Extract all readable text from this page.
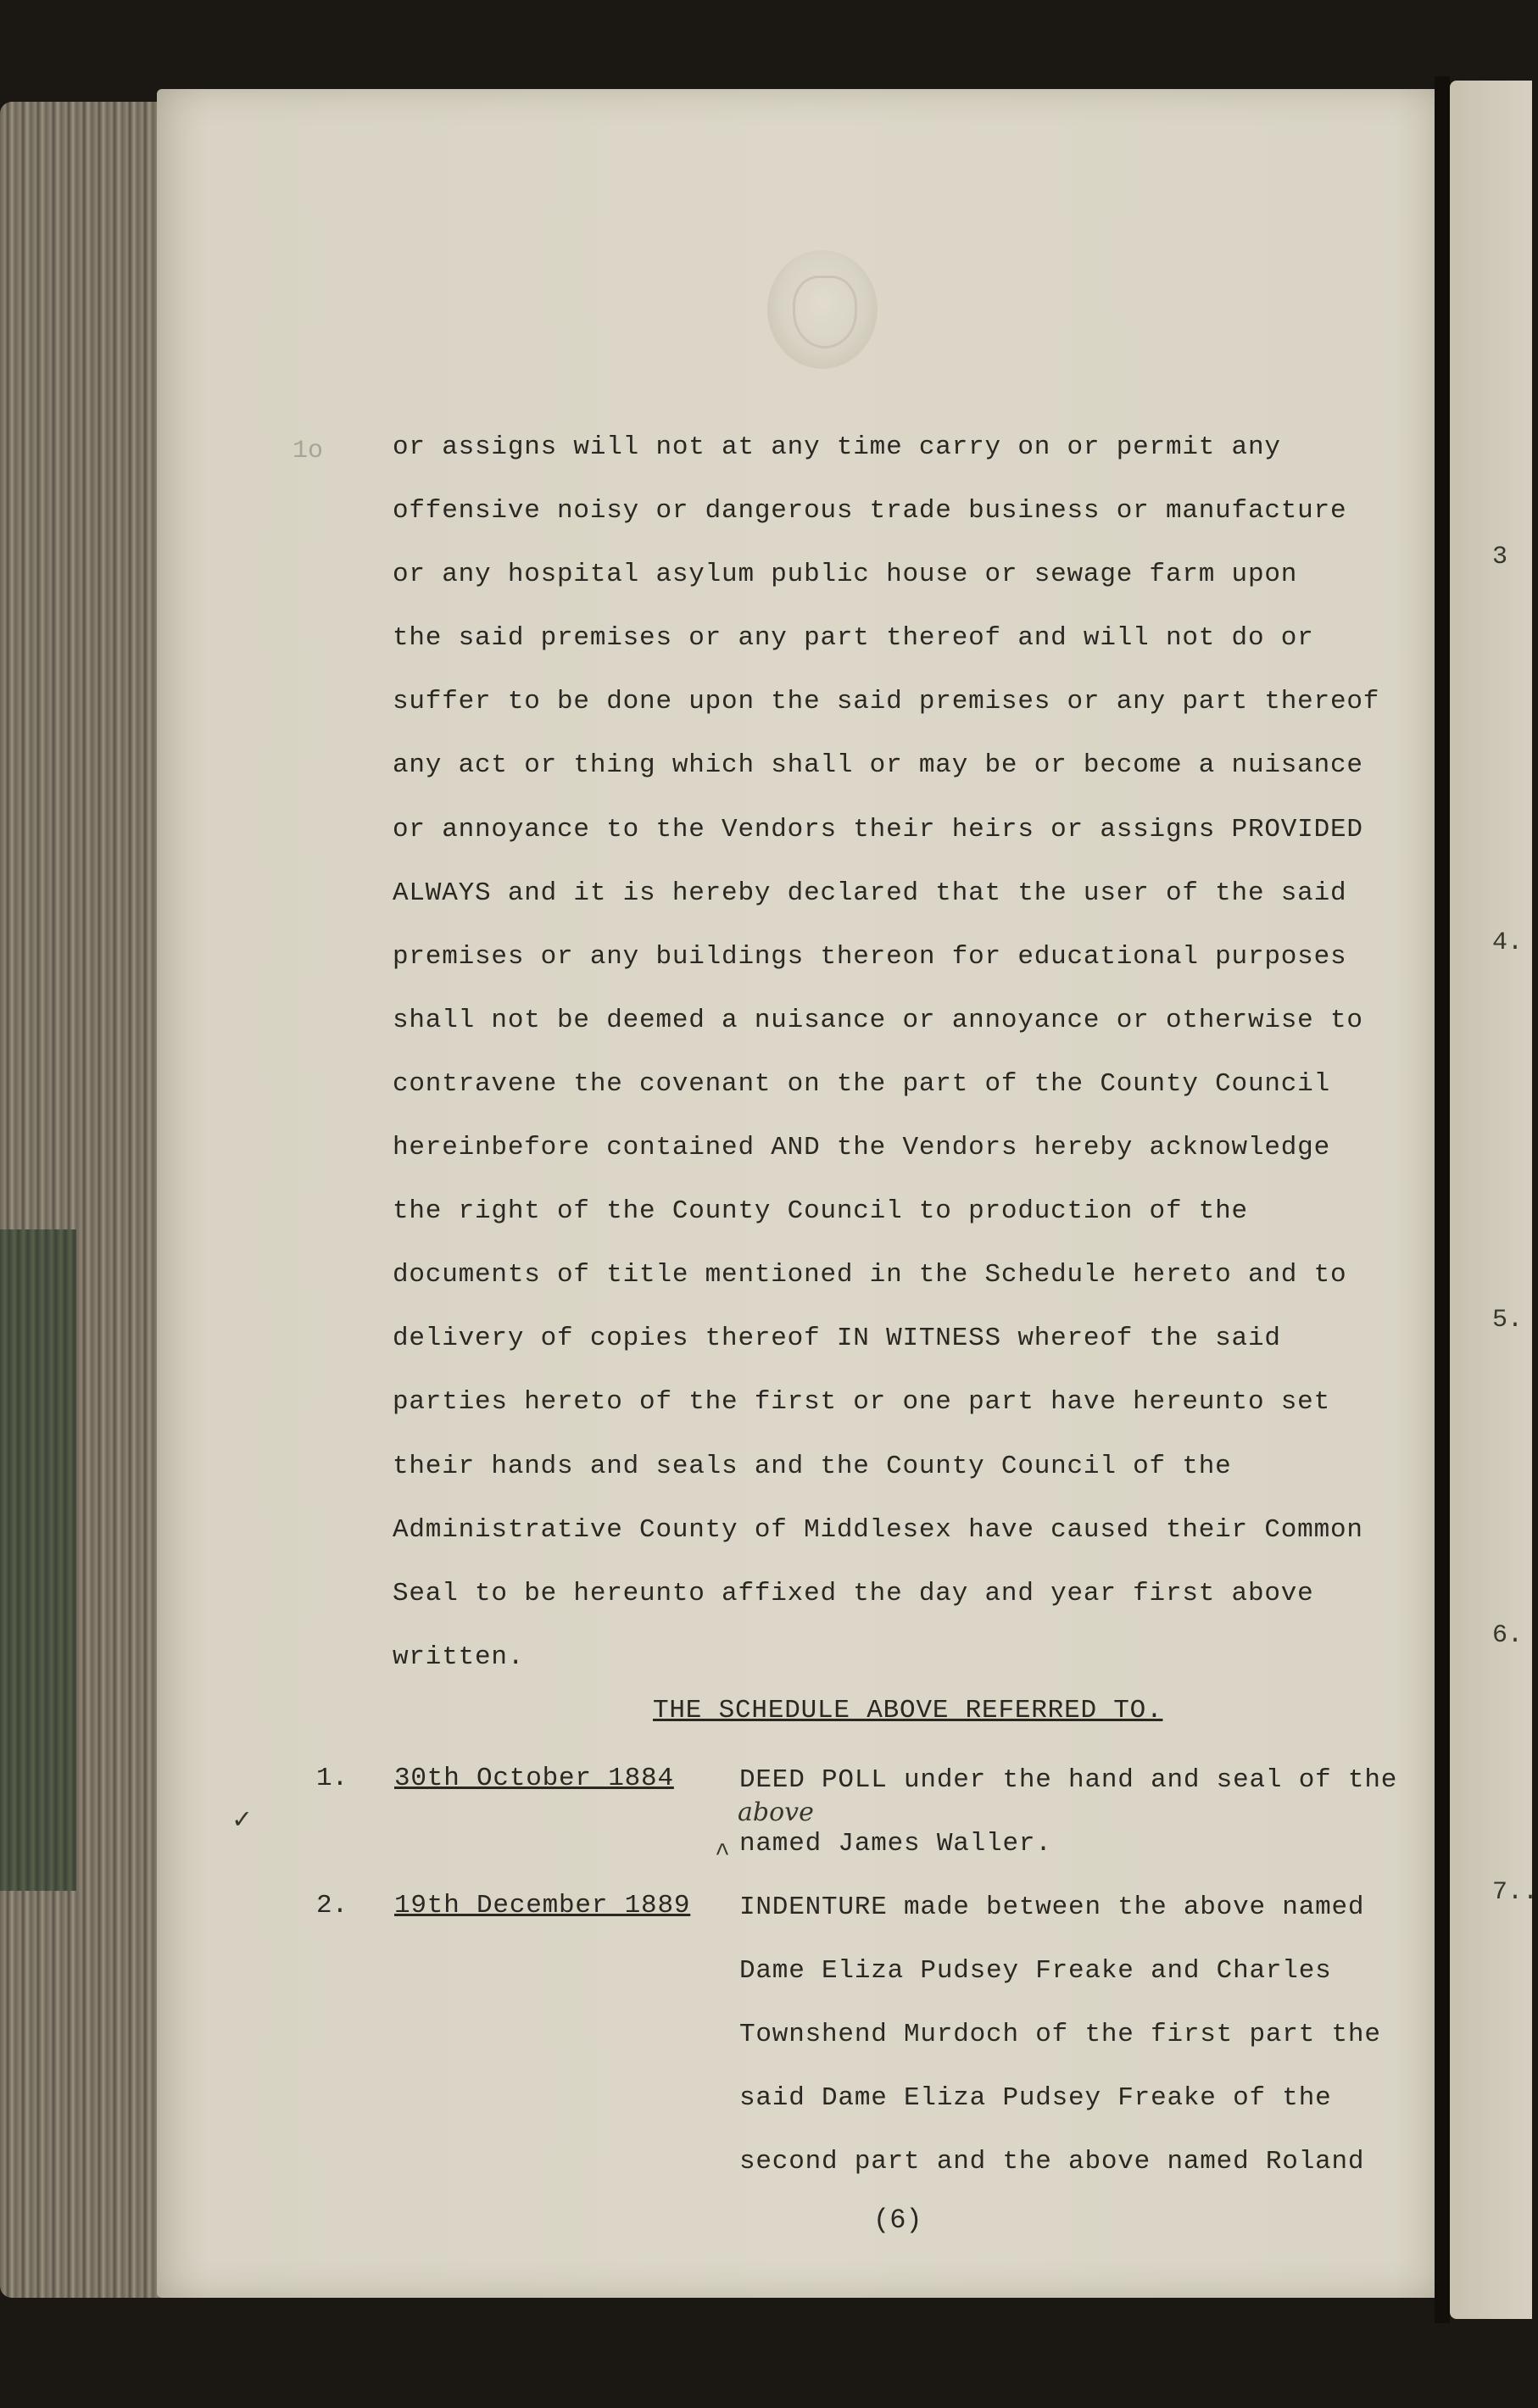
3
4.
5.
6.
7..
1o	or assigns will not at any time carry on or permit any
offensive noisy or dangerous trade business or manufacture
or any hospital asylum public house or sewage farm upon
the said premises or any part thereof and will not do or
suffer to be done upon the said premises or any part thereof
any act or thing which shall or may be or become a nuisance
or annoyance to the Vendors their heirs or assigns PROVIDED
ALWAYS and it is hereby declared that the user of the said
premises or any buildings thereon for educational purposes
shall not be deemed a nuisance or annoyance or otherwise to
contravene the covenant on the part of the County Council
hereinbefore contained AND the Vendors hereby acknowledge
the right of the County Council to production of the
documents of title mentioned in the Schedule hereto and to
delivery of copies thereof IN WITNESS whereof the said
parties hereto of the first or one part have hereunto set
their hands and seals and the County Council of the
Administrative County of Middlesex have caused their Common
Seal to be hereunto affixed the day and year first above
written.
THE SCHEDULE ABOVE REFERRED TO.
✓
1. 30th October 1884
above
^
DEED POLL under the hand and seal of the
named James Waller.
2. 19th December 1889 INDENTURE made between the above named
Dame Eliza Pudsey Freake and Charles
Townshend Murdoch of the first part the
said Dame Eliza Pudsey Freake of the
second part and the above named Roland
(6)
